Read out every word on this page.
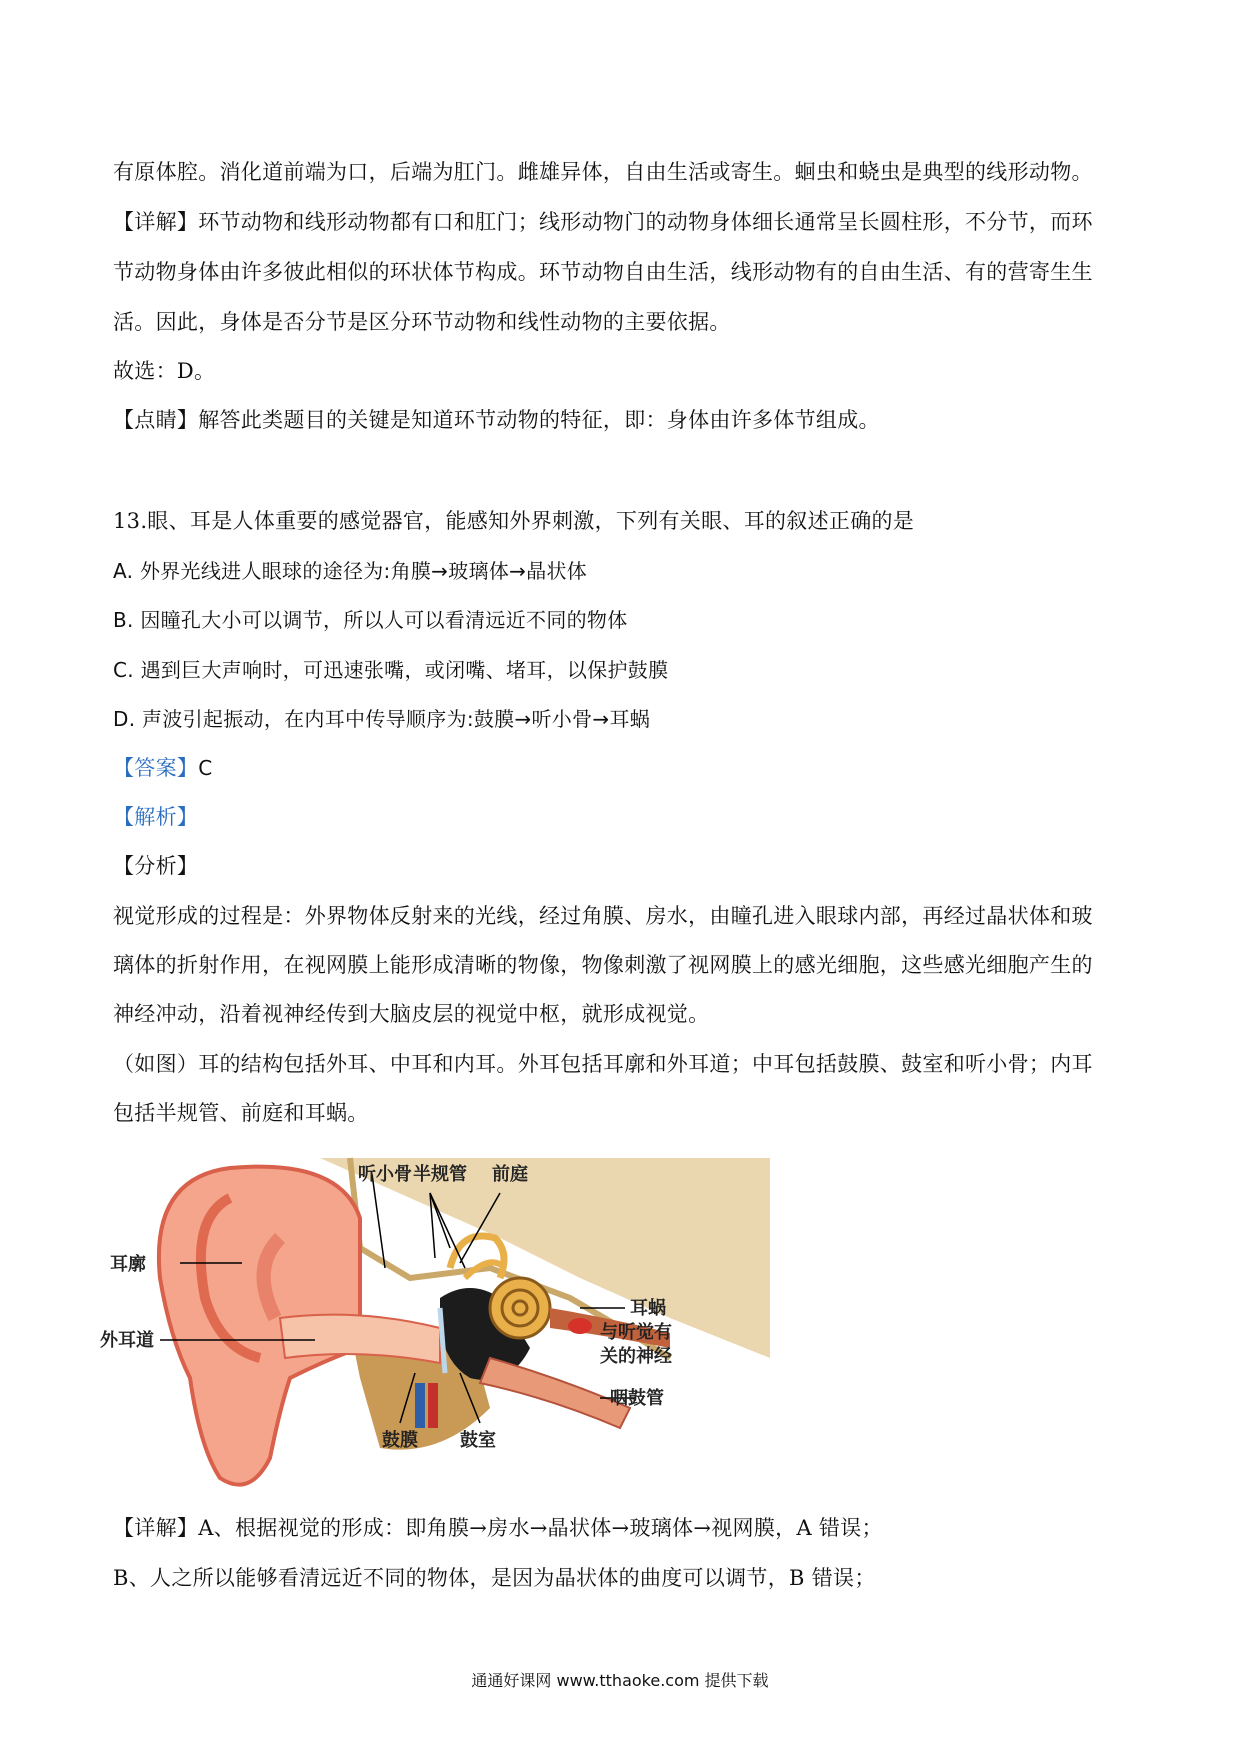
有原体腔。消化道前端为口，后端为肛门。雌雄异体，自由生活或寄生。蛔虫和蛲虫是典型的线形动物。
【详解】环节动物和线形动物都有口和肛门；线形动物门的动物身体细长通常呈长圆柱形，不分节，而环
节动物身体由许多彼此相似的环状体节构成。环节动物自由生活，线形动物有的自由生活、有的营寄生生
活。因此，身体是否分节是区分环节动物和线性动物的主要依据。
故选：D。
【点睛】解答此类题目的关键是知道环节动物的特征，即：身体由许多体节组成。
13.眼、耳是人体重要的感觉器官，能感知外界刺激，下列有关眼、耳的叙述正确的是
A. 外界光线进人眼球的途径为:角膜→玻璃体→晶状体
B. 因瞳孔大小可以调节，所以人可以看清远近不同的物体
C. 遇到巨大声响时，可迅速张嘴，或闭嘴、堵耳，以保护鼓膜
D. 声波引起振动，在内耳中传导顺序为:鼓膜→听小骨→耳蜗
【答案】C
【解析】
【分析】
视觉形成的过程是：外界物体反射来的光线，经过角膜、房水，由瞳孔进入眼球内部，再经过晶状体和玻
璃体的折射作用，在视网膜上能形成清晰的物像，物像刺激了视网膜上的感光细胞，这些感光细胞产生的
神经冲动，沿着视神经传到大脑皮层的视觉中枢，就形成视觉。
（如图）耳的结构包括外耳、中耳和内耳。外耳包括耳廓和外耳道；中耳包括鼓膜、鼓室和听小骨；内耳
包括半规管、前庭和耳蜗。
听小骨 半规管 前庭
耳廓
外耳道
耳蜗
与听觉有
关的神经
咽鼓管
鼓膜 鼓室
【详解】A、根据视觉的形成：即角膜→房水→晶状体→玻璃体→视网膜，A 错误；
B、人之所以能够看清远近不同的物体，是因为晶状体的曲度可以调节，B 错误；
通通好课网 www.tthaoke.com 提供下载
